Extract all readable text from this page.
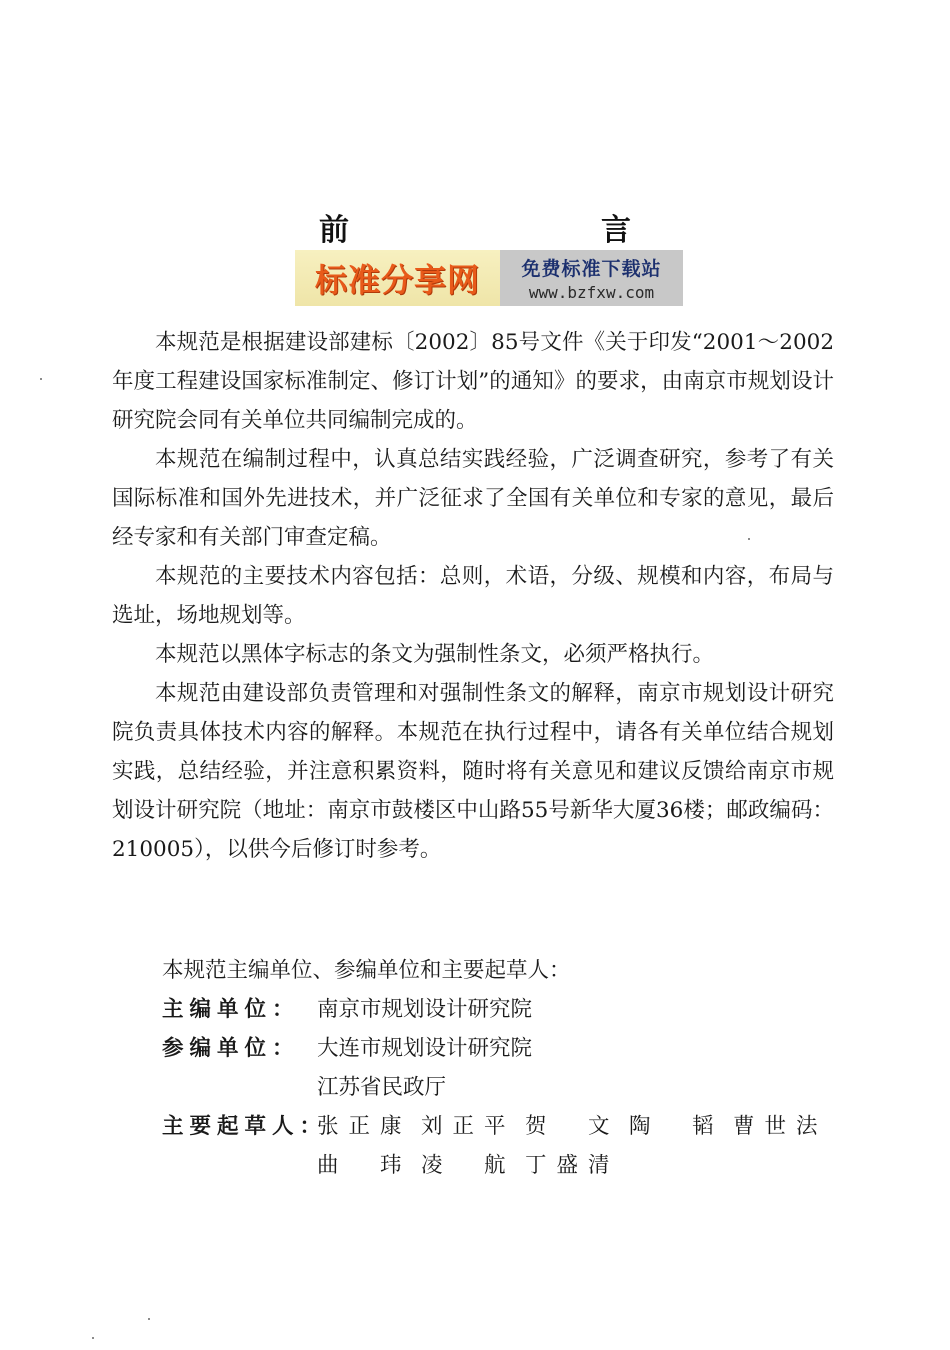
前　　言
标准分享网	免费标准下载站
www.bzfxw.com

本规范是根据建设部建标〔2002〕85号文件《关于印发“2001～2002年度工程建设国家标准制定、修订计划”的通知》的要求，由南京市规划设计研究院会同有关单位共同编制完成的。

本规范在编制过程中，认真总结实践经验，广泛调查研究，参考了有关国际标准和国外先进技术，并广泛征求了全国有关单位和专家的意见，最后经专家和有关部门审查定稿。

本规范的主要技术内容包括：总则，术语，分级、规模和内容，布局与选址，场地规划等。

本规范以黑体字标志的条文为强制性条文，必须严格执行。

本规范由建设部负责管理和对强制性条文的解释，南京市规划设计研究院负责具体技术内容的解释。本规范在执行过程中，请各有关单位结合规划实践，总结经验，并注意积累资料，随时将有关意见和建议反馈给南京市规划设计研究院（地址：南京市鼓楼区中山路55号新华大厦36楼；邮政编码：210005），以供今后修订时参考。

本规范主编单位、参编单位和主要起草人：
主编单位： 南京市规划设计研究院
参编单位： 大连市规划设计研究院
江苏省民政厅
主要起草人：
张正康 刘正平 贺　文 陶　韬 曹世法
曲　玮 凌　航 丁盛清
